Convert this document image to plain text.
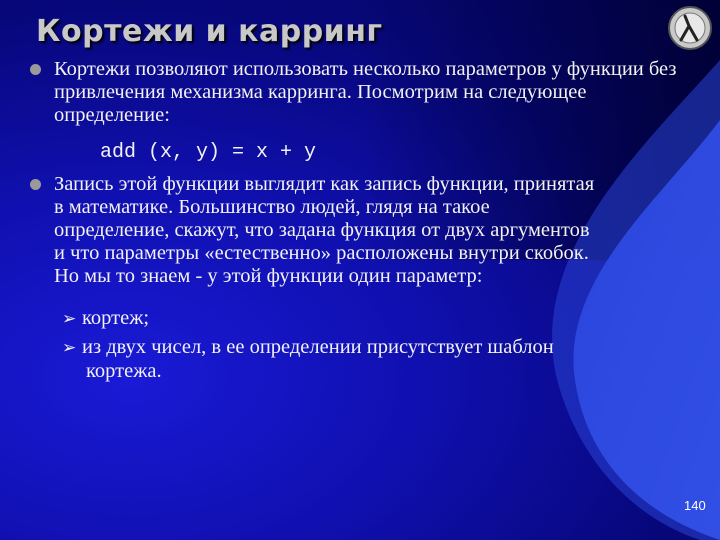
Кортежи и карринг
Кортежи позволяют использовать несколько параметров у функции без привлечения механизма карринга. Посмотрим на следующее определение:
add (x, y) = x + y
Запись этой функции выглядит как запись функции, принятая
в математике. Большинство людей, глядя на такое
определение, скажут, что задана функция от двух аргументов
и что параметры «естественно» расположены внутри скобок.
Но мы то знаем - у этой функции один параметр:
➢ кортеж;
➢ из двух чисел, в ее определении присутствует шаблон
кортежа.
140
